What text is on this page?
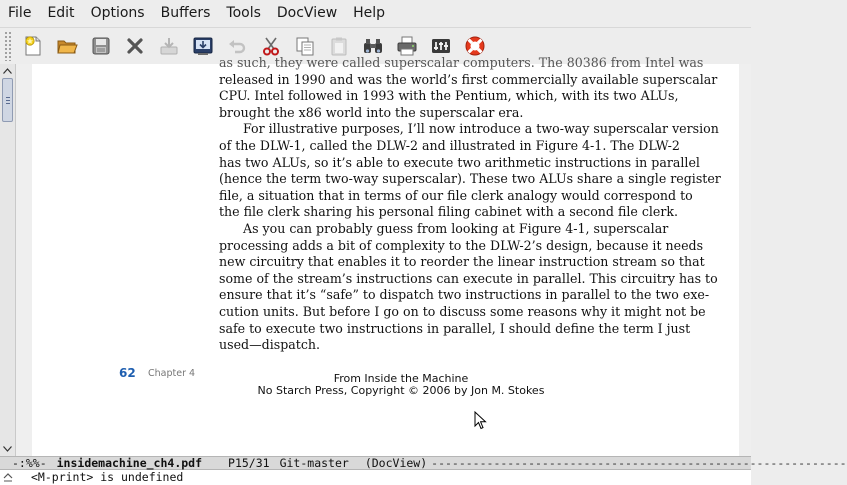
File	Edit	Options	Buffers	Tools	DocView	Help
as such, they were called superscalar computers. The 80386 from Intel was
released in 1990 and was the world’s first commercially available superscalar
CPU. Intel followed in 1993 with the Pentium, which, with its two ALUs,
brought the x86 world into the superscalar era.
For illustrative purposes, I’ll now introduce a two-way superscalar version
of the DLW-1, called the DLW-2 and illustrated in Figure 4-1. The DLW-2
has two ALUs, so it’s able to execute two arithmetic instructions in parallel
(hence the term two-way superscalar). These two ALUs share a single register
file, a situation that in terms of our file clerk analogy would correspond to
the file clerk sharing his personal filing cabinet with a second file clerk.
As you can probably guess from looking at Figure 4-1, superscalar
processing adds a bit of complexity to the DLW-2’s design, because it needs
new circuitry that enables it to reorder the linear instruction stream so that
some of the stream’s instructions can execute in parallel. This circuitry has to
ensure that it’s “safe” to dispatch two instructions in parallel to the two exe-
cution units. But before I go on to discuss some reasons why it might not be
safe to execute two instructions in parallel, I should define the term I just
used—dispatch.
62 Chapter 4	From Inside the Machine
No Starch Press, Copyright © 2006 by Jon M. Stokes
-:%%- insidemachine_ch4.pdf	P15/31 Git-master	(DocView) ------------------------------------------------------------
<M-print> is undefined
